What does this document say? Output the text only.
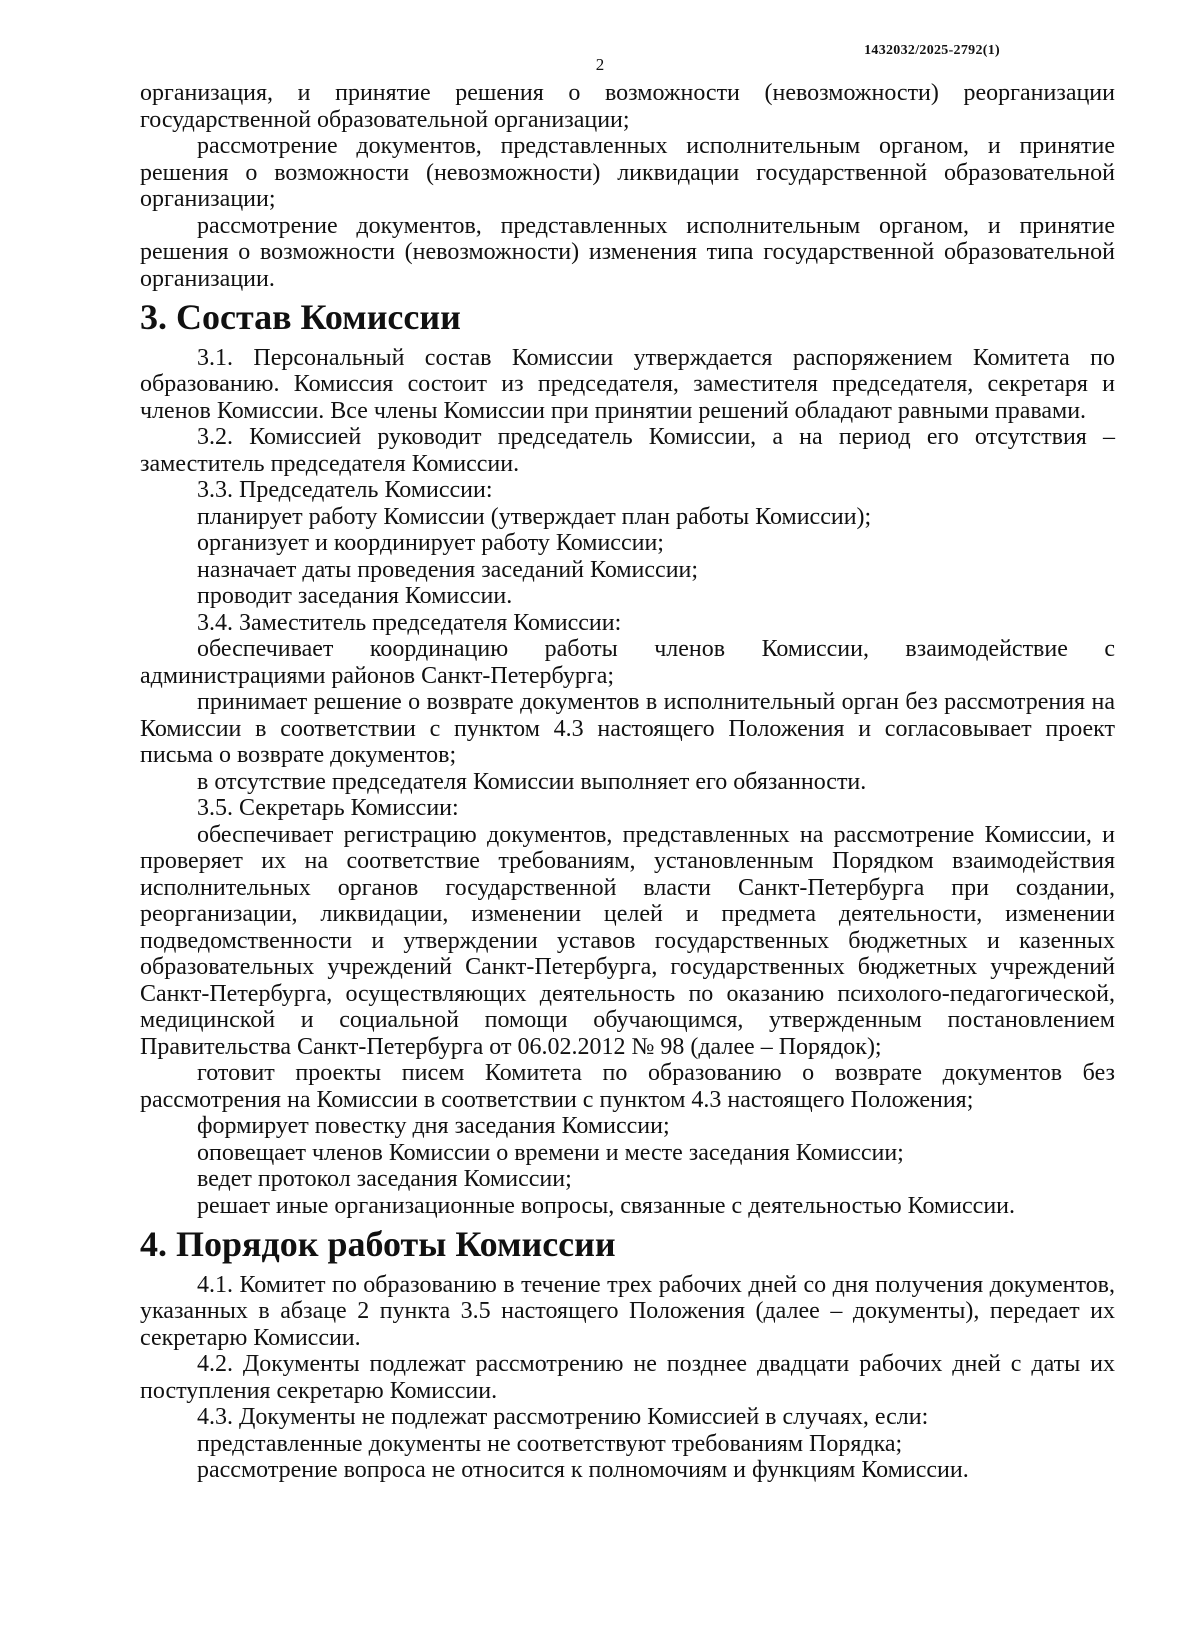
1432032/2025-2792(1)
2

организация, и принятие решения о возможности (невозможности) реорганизации государственной образовательной организации;

рассмотрение документов, представленных исполнительным органом, и принятие решения о возможности (невозможности) ликвидации государственной образовательной организации;

рассмотрение документов, представленных исполнительным органом, и принятие решения о возможности (невозможности) изменения типа государственной образовательной организации.

3. Состав Комиссии

3.1. Персональный состав Комиссии утверждается распоряжением Комитета по образованию. Комиссия состоит из председателя, заместителя председателя, секретаря и членов Комиссии. Все члены Комиссии при принятии решений обладают равными правами.

3.2. Комиссией руководит председатель Комиссии, а на период его отсутствия – заместитель председателя Комиссии.

3.3. Председатель Комиссии:

планирует работу Комиссии (утверждает план работы Комиссии);

организует и координирует работу Комиссии;

назначает даты проведения заседаний Комиссии;

проводит заседания Комиссии.

3.4. Заместитель председателя Комиссии:

обеспечивает координацию работы членов Комиссии, взаимодействие с администрациями районов Санкт-Петербурга;

принимает решение о возврате документов в исполнительный орган без рассмотрения на Комиссии в соответствии с пунктом 4.3 настоящего Положения и согласовывает проект письма о возврате документов;

в отсутствие председателя Комиссии выполняет его обязанности.

3.5. Секретарь Комиссии:

обеспечивает регистрацию документов, представленных на рассмотрение Комиссии, и проверяет их на соответствие требованиям, установленным Порядком взаимодействия исполнительных органов государственной власти Санкт-Петербурга при создании, реорганизации, ликвидации, изменении целей и предмета деятельности, изменении подведомственности и утверждении уставов государственных бюджетных и казенных образовательных учреждений Санкт-Петербурга, государственных бюджетных учреждений Санкт-Петербурга, осуществляющих деятельность по оказанию психолого-педагогической, медицинской и социальной помощи обучающимся, утвержденным постановлением Правительства Санкт-Петербурга от 06.02.2012 № 98 (далее – Порядок);

готовит проекты писем Комитета по образованию о возврате документов без рассмотрения на Комиссии в соответствии с пунктом 4.3 настоящего Положения;

формирует повестку дня заседания Комиссии;

оповещает членов Комиссии о времени и месте заседания Комиссии;

ведет протокол заседания Комиссии;

решает иные организационные вопросы, связанные с деятельностью Комиссии.

4. Порядок работы Комиссии

4.1. Комитет по образованию в течение трех рабочих дней со дня получения документов, указанных в абзаце 2 пункта 3.5 настоящего Положения (далее – документы), передает их секретарю Комиссии.

4.2. Документы подлежат рассмотрению не позднее двадцати рабочих дней с даты их поступления секретарю Комиссии.

4.3. Документы не подлежат рассмотрению Комиссией в случаях, если:

представленные документы не соответствуют требованиям Порядка;

рассмотрение вопроса не относится к полномочиям и функциям Комиссии.
